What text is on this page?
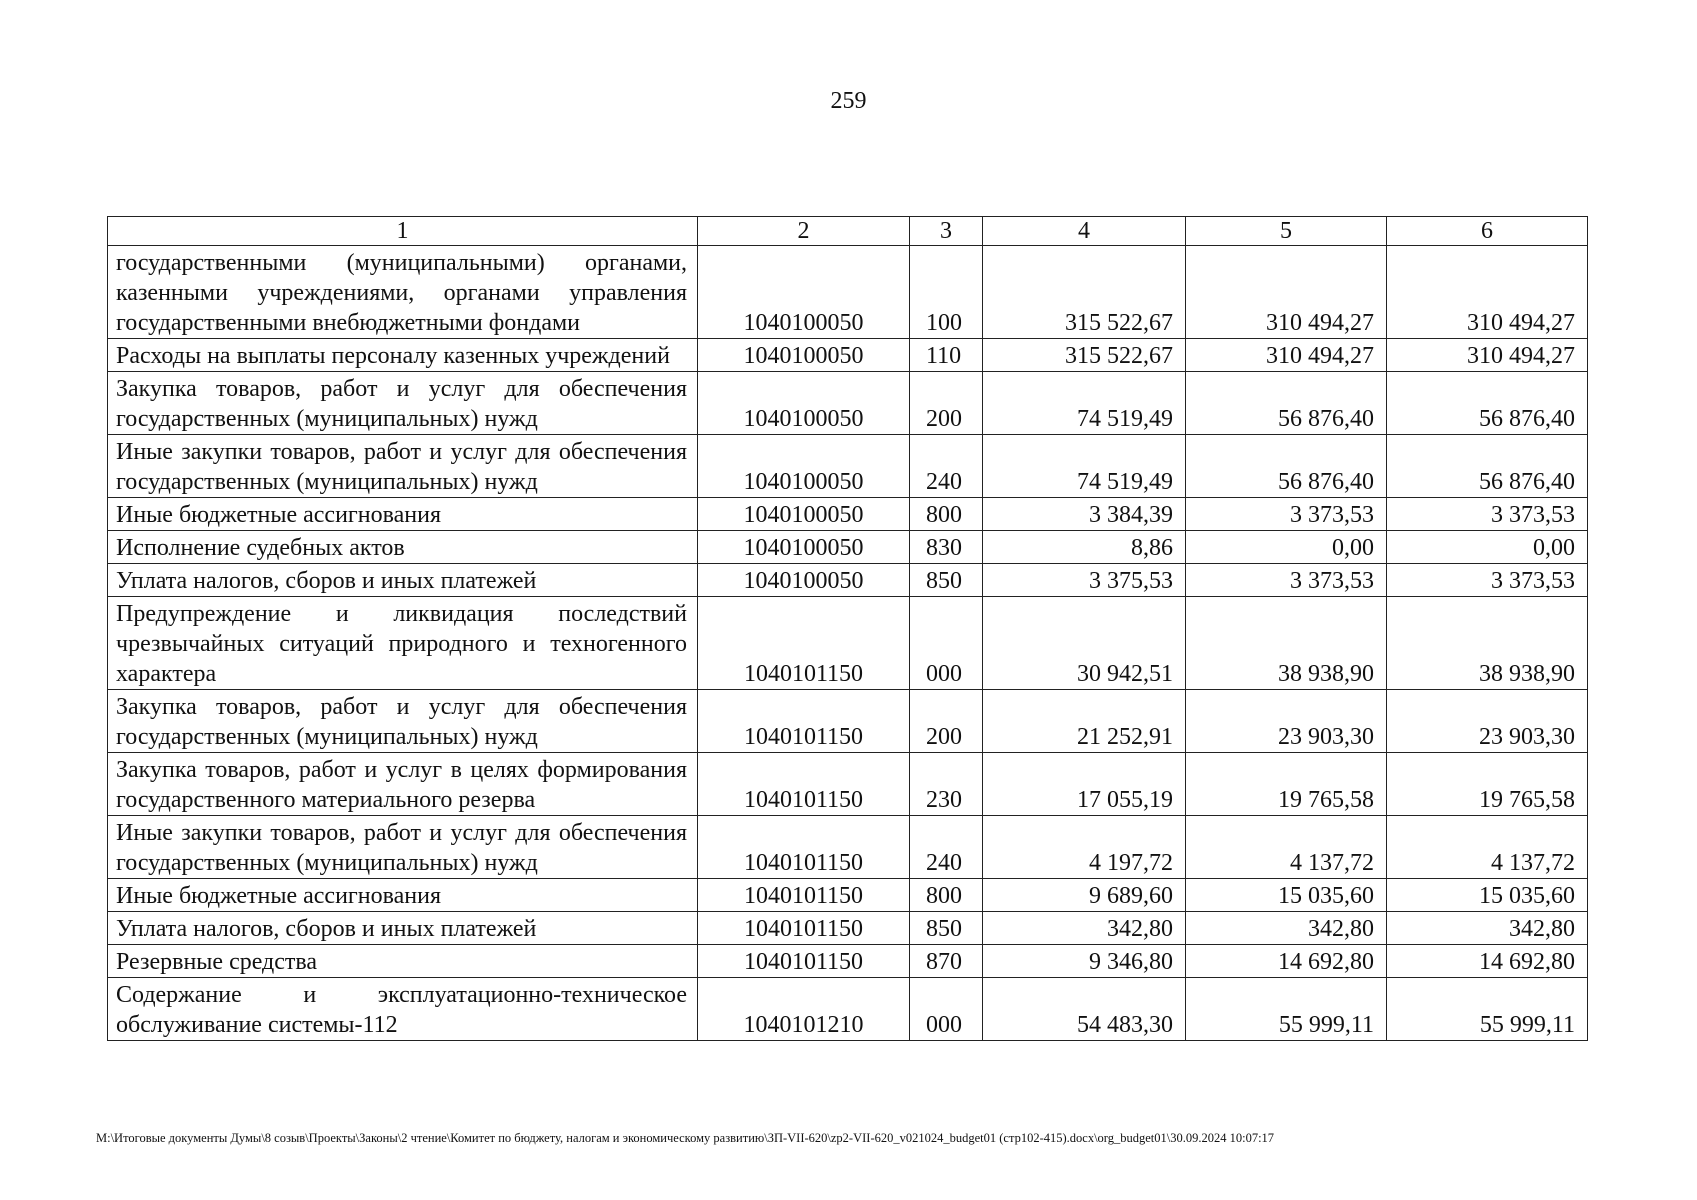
259
1	2	3	4	5	6
государственными (муниципальными) органами, казенными учреждениями, органами управления государственными внебюджетными фондами	1040100050	100	315 522,67	310 494,27	310 494,27
Расходы на выплаты персоналу казенных учреждений	1040100050	110	315 522,67	310 494,27	310 494,27
Закупка товаров, работ и услуг для обеспечения государственных (муниципальных) нужд	1040100050	200	74 519,49	56 876,40	56 876,40
Иные закупки товаров, работ и услуг для обеспечения государственных (муниципальных) нужд	1040100050	240	74 519,49	56 876,40	56 876,40
Иные бюджетные ассигнования	1040100050	800	3 384,39	3 373,53	3 373,53
Исполнение судебных актов	1040100050	830	8,86	0,00	0,00
Уплата налогов, сборов и иных платежей	1040100050	850	3 375,53	3 373,53	3 373,53
Предупреждение и ликвидация последствий чрезвычайных ситуаций природного и техногенного характера	1040101150	000	30 942,51	38 938,90	38 938,90
Закупка товаров, работ и услуг для обеспечения государственных (муниципальных) нужд	1040101150	200	21 252,91	23 903,30	23 903,30
Закупка товаров, работ и услуг в целях формирования государственного материального резерва	1040101150	230	17 055,19	19 765,58	19 765,58
Иные закупки товаров, работ и услуг для обеспечения государственных (муниципальных) нужд	1040101150	240	4 197,72	4 137,72	4 137,72
Иные бюджетные ассигнования	1040101150	800	9 689,60	15 035,60	15 035,60
Уплата налогов, сборов и иных платежей	1040101150	850	342,80	342,80	342,80
Резервные средства	1040101150	870	9 346,80	14 692,80	14 692,80
Содержание и эксплуатационно-техническое обслуживание системы-112	1040101210	000	54 483,30	55 999,11	55 999,11
M:\Итоговые документы Думы\8 созыв\Проекты\Законы\2 чтение\Комитет по бюджету, налогам и экономическому развитию\ЗП-VII-620\zp2-VII-620_v021024_budget01 (стр102-415).docx\org_budget01\30.09.2024 10:07:17
